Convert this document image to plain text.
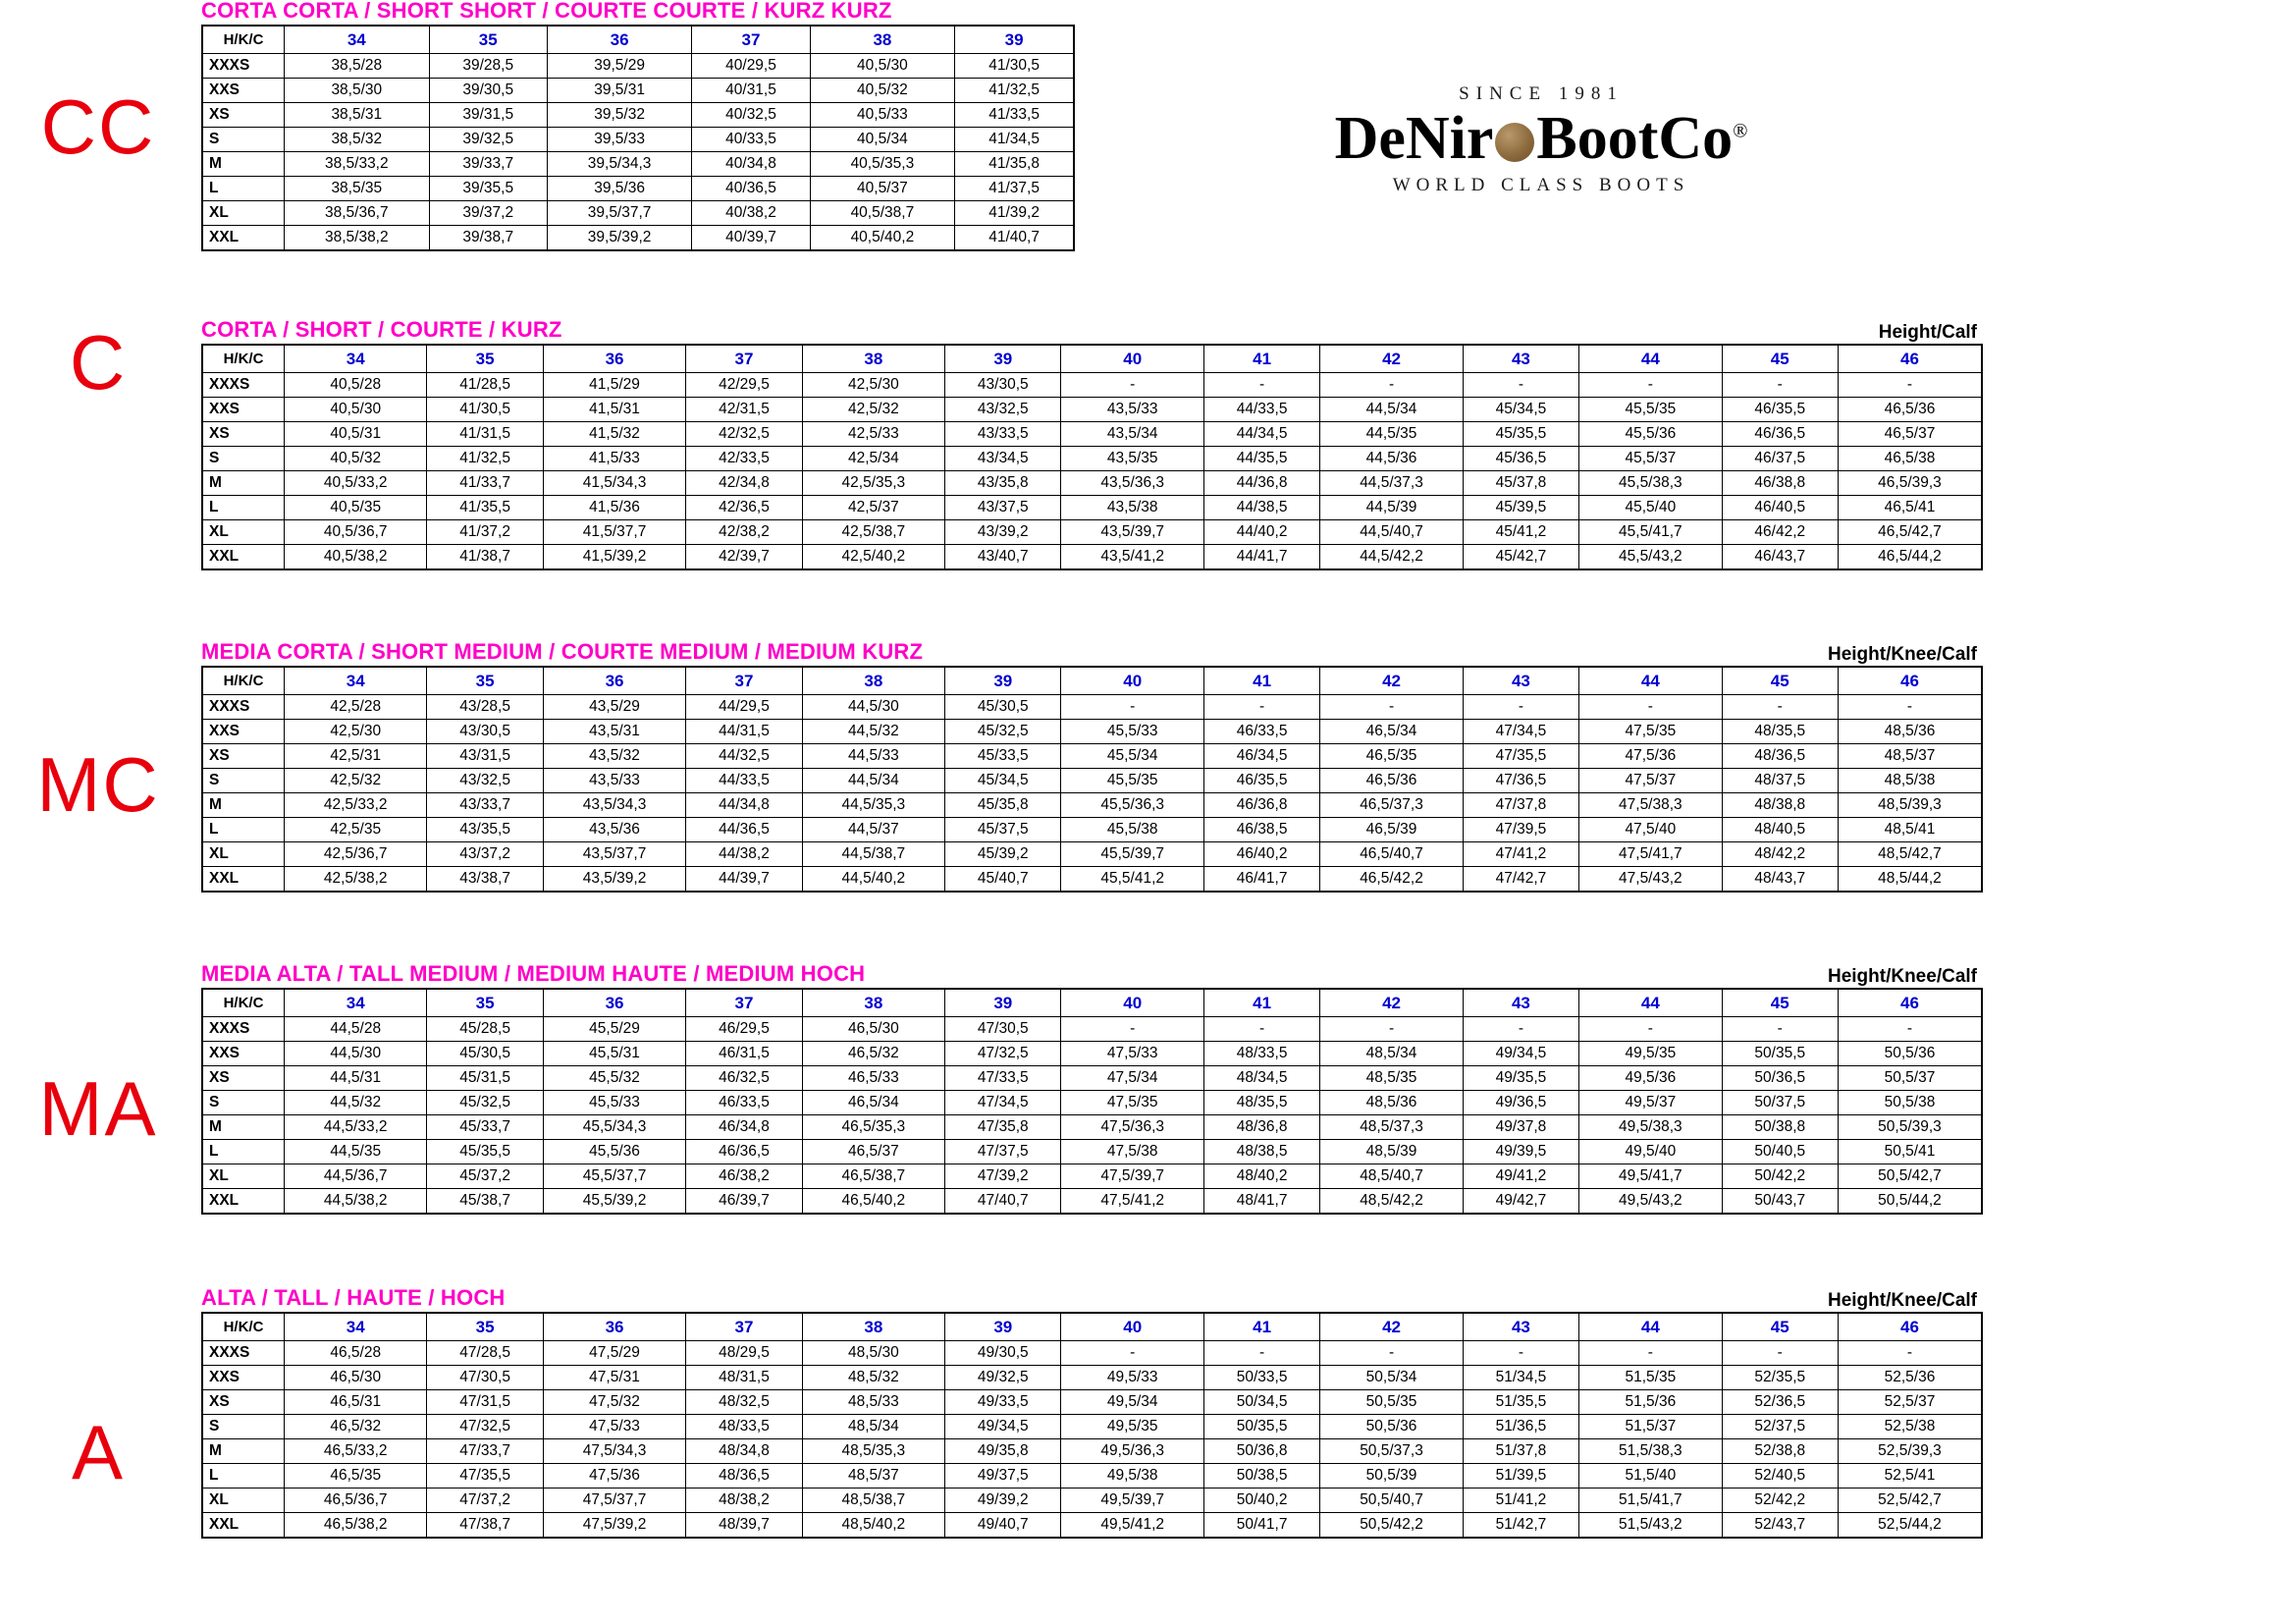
CC
C
MC
MA
A
SINCE 1981
DeNir BootCo®
WORLD CLASS BOOTS
CORTA CORTA / SHORT SHORT / COURTE COURTE / KURZ KURZ
H/K/C	34	35	36	37	38	39
XXXS	38,5/28	39/28,5	39,5/29	40/29,5	40,5/30	41/30,5
XXS	38,5/30	39/30,5	39,5/31	40/31,5	40,5/32	41/32,5
XS	38,5/31	39/31,5	39,5/32	40/32,5	40,5/33	41/33,5
S	38,5/32	39/32,5	39,5/33	40/33,5	40,5/34	41/34,5
M	38,5/33,2	39/33,7	39,5/34,3	40/34,8	40,5/35,3	41/35,8
L	38,5/35	39/35,5	39,5/36	40/36,5	40,5/37	41/37,5
XL	38,5/36,7	39/37,2	39,5/37,7	40/38,2	40,5/38,7	41/39,2
XXL	38,5/38,2	39/38,7	39,5/39,2	40/39,7	40,5/40,2	41/40,7
CORTA / SHORT / COURTE / KURZ	Height/Calf
H/K/C	34	35	36	37	38	39	40	41	42	43	44	45	46
XXXS	40,5/28	41/28,5	41,5/29	42/29,5	42,5/30	43/30,5	-	-	-	-	-	-	-
XXS	40,5/30	41/30,5	41,5/31	42/31,5	42,5/32	43/32,5	43,5/33	44/33,5	44,5/34	45/34,5	45,5/35	46/35,5	46,5/36
XS	40,5/31	41/31,5	41,5/32	42/32,5	42,5/33	43/33,5	43,5/34	44/34,5	44,5/35	45/35,5	45,5/36	46/36,5	46,5/37
S	40,5/32	41/32,5	41,5/33	42/33,5	42,5/34	43/34,5	43,5/35	44/35,5	44,5/36	45/36,5	45,5/37	46/37,5	46,5/38
M	40,5/33,2	41/33,7	41,5/34,3	42/34,8	42,5/35,3	43/35,8	43,5/36,3	44/36,8	44,5/37,3	45/37,8	45,5/38,3	46/38,8	46,5/39,3
L	40,5/35	41/35,5	41,5/36	42/36,5	42,5/37	43/37,5	43,5/38	44/38,5	44,5/39	45/39,5	45,5/40	46/40,5	46,5/41
XL	40,5/36,7	41/37,2	41,5/37,7	42/38,2	42,5/38,7	43/39,2	43,5/39,7	44/40,2	44,5/40,7	45/41,2	45,5/41,7	46/42,2	46,5/42,7
XXL	40,5/38,2	41/38,7	41,5/39,2	42/39,7	42,5/40,2	43/40,7	43,5/41,2	44/41,7	44,5/42,2	45/42,7	45,5/43,2	46/43,7	46,5/44,2
MEDIA CORTA / SHORT MEDIUM / COURTE MEDIUM / MEDIUM KURZ	Height/Knee/Calf
H/K/C	34	35	36	37	38	39	40	41	42	43	44	45	46
XXXS	42,5/28	43/28,5	43,5/29	44/29,5	44,5/30	45/30,5	-	-	-	-	-	-	-
XXS	42,5/30	43/30,5	43,5/31	44/31,5	44,5/32	45/32,5	45,5/33	46/33,5	46,5/34	47/34,5	47,5/35	48/35,5	48,5/36
XS	42,5/31	43/31,5	43,5/32	44/32,5	44,5/33	45/33,5	45,5/34	46/34,5	46,5/35	47/35,5	47,5/36	48/36,5	48,5/37
S	42,5/32	43/32,5	43,5/33	44/33,5	44,5/34	45/34,5	45,5/35	46/35,5	46,5/36	47/36,5	47,5/37	48/37,5	48,5/38
M	42,5/33,2	43/33,7	43,5/34,3	44/34,8	44,5/35,3	45/35,8	45,5/36,3	46/36,8	46,5/37,3	47/37,8	47,5/38,3	48/38,8	48,5/39,3
L	42,5/35	43/35,5	43,5/36	44/36,5	44,5/37	45/37,5	45,5/38	46/38,5	46,5/39	47/39,5	47,5/40	48/40,5	48,5/41
XL	42,5/36,7	43/37,2	43,5/37,7	44/38,2	44,5/38,7	45/39,2	45,5/39,7	46/40,2	46,5/40,7	47/41,2	47,5/41,7	48/42,2	48,5/42,7
XXL	42,5/38,2	43/38,7	43,5/39,2	44/39,7	44,5/40,2	45/40,7	45,5/41,2	46/41,7	46,5/42,2	47/42,7	47,5/43,2	48/43,7	48,5/44,2
MEDIA ALTA / TALL MEDIUM / MEDIUM HAUTE / MEDIUM HOCH	Height/Knee/Calf
H/K/C	34	35	36	37	38	39	40	41	42	43	44	45	46
XXXS	44,5/28	45/28,5	45,5/29	46/29,5	46,5/30	47/30,5	-	-	-	-	-	-	-
XXS	44,5/30	45/30,5	45,5/31	46/31,5	46,5/32	47/32,5	47,5/33	48/33,5	48,5/34	49/34,5	49,5/35	50/35,5	50,5/36
XS	44,5/31	45/31,5	45,5/32	46/32,5	46,5/33	47/33,5	47,5/34	48/34,5	48,5/35	49/35,5	49,5/36	50/36,5	50,5/37
S	44,5/32	45/32,5	45,5/33	46/33,5	46,5/34	47/34,5	47,5/35	48/35,5	48,5/36	49/36,5	49,5/37	50/37,5	50,5/38
M	44,5/33,2	45/33,7	45,5/34,3	46/34,8	46,5/35,3	47/35,8	47,5/36,3	48/36,8	48,5/37,3	49/37,8	49,5/38,3	50/38,8	50,5/39,3
L	44,5/35	45/35,5	45,5/36	46/36,5	46,5/37	47/37,5	47,5/38	48/38,5	48,5/39	49/39,5	49,5/40	50/40,5	50,5/41
XL	44,5/36,7	45/37,2	45,5/37,7	46/38,2	46,5/38,7	47/39,2	47,5/39,7	48/40,2	48,5/40,7	49/41,2	49,5/41,7	50/42,2	50,5/42,7
XXL	44,5/38,2	45/38,7	45,5/39,2	46/39,7	46,5/40,2	47/40,7	47,5/41,2	48/41,7	48,5/42,2	49/42,7	49,5/43,2	50/43,7	50,5/44,2
ALTA / TALL / HAUTE / HOCH	Height/Knee/Calf
H/K/C	34	35	36	37	38	39	40	41	42	43	44	45	46
XXXS	46,5/28	47/28,5	47,5/29	48/29,5	48,5/30	49/30,5	-	-	-	-	-	-	-
XXS	46,5/30	47/30,5	47,5/31	48/31,5	48,5/32	49/32,5	49,5/33	50/33,5	50,5/34	51/34,5	51,5/35	52/35,5	52,5/36
XS	46,5/31	47/31,5	47,5/32	48/32,5	48,5/33	49/33,5	49,5/34	50/34,5	50,5/35	51/35,5	51,5/36	52/36,5	52,5/37
S	46,5/32	47/32,5	47,5/33	48/33,5	48,5/34	49/34,5	49,5/35	50/35,5	50,5/36	51/36,5	51,5/37	52/37,5	52,5/38
M	46,5/33,2	47/33,7	47,5/34,3	48/34,8	48,5/35,3	49/35,8	49,5/36,3	50/36,8	50,5/37,3	51/37,8	51,5/38,3	52/38,8	52,5/39,3
L	46,5/35	47/35,5	47,5/36	48/36,5	48,5/37	49/37,5	49,5/38	50/38,5	50,5/39	51/39,5	51,5/40	52/40,5	52,5/41
XL	46,5/36,7	47/37,2	47,5/37,7	48/38,2	48,5/38,7	49/39,2	49,5/39,7	50/40,2	50,5/40,7	51/41,2	51,5/41,7	52/42,2	52,5/42,7
XXL	46,5/38,2	47/38,7	47,5/39,2	48/39,7	48,5/40,2	49/40,7	49,5/41,2	50/41,7	50,5/42,2	51/42,7	51,5/43,2	52/43,7	52,5/44,2
